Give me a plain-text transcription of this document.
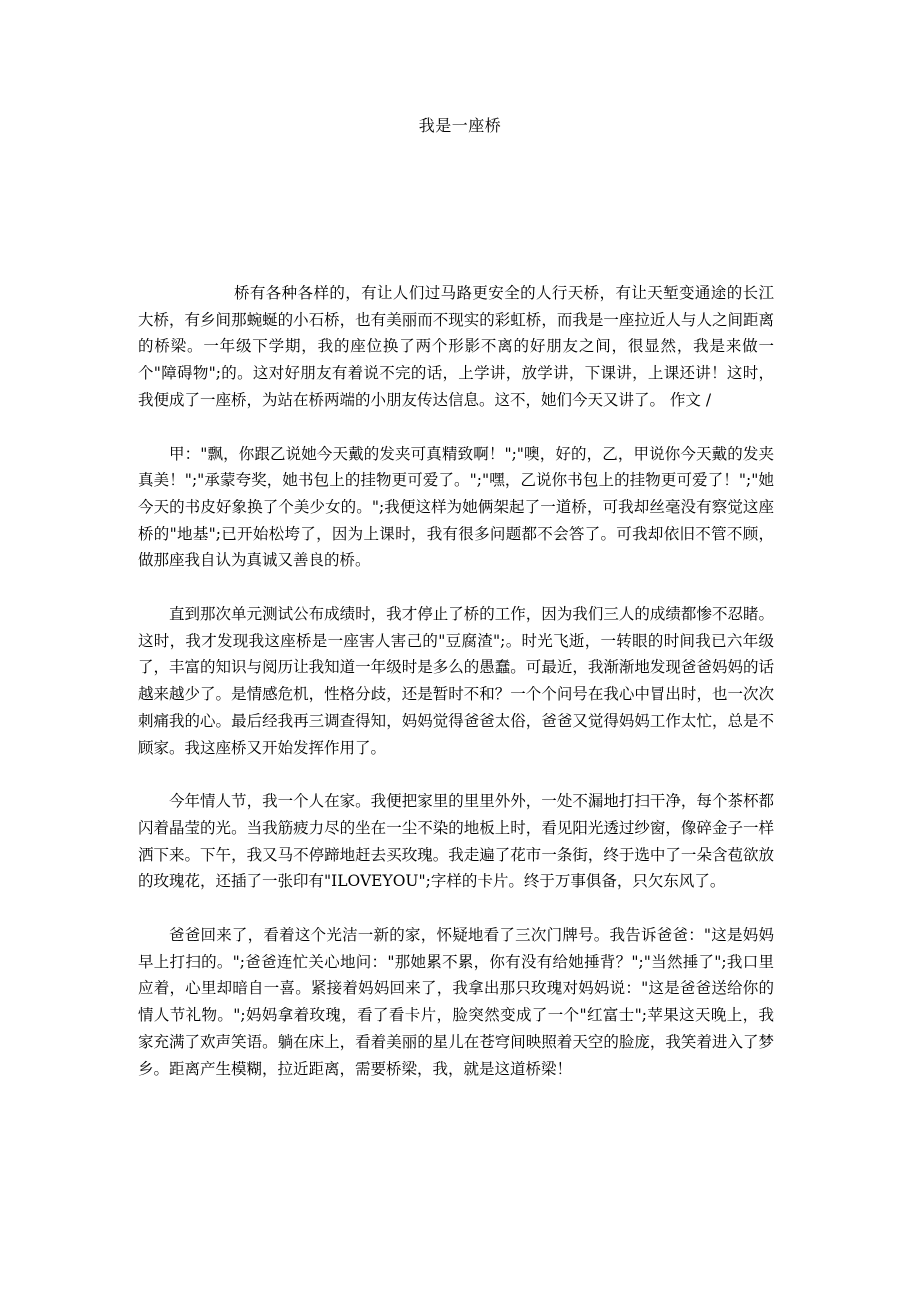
我是一座桥

桥有各种各样的，有让人们过马路更安全的人行天桥，有让天堑变通途的长江大桥，有乡间那蜿蜒的小石桥，也有美丽而不现实的彩虹桥，而我是一座拉近人与人之间距离的桥梁。一年级下学期，我的座位换了两个形影不离的好朋友之间，很显然，我是来做一个"障碍物";的。这对好朋友有着说不完的话，上学讲，放学讲，下课讲，上课还讲！这时，我便成了一座桥，为站在桥两端的小朋友传达信息。这不，她们今天又讲了。 作文 /

甲："飘，你跟乙说她今天戴的发夹可真精致啊！";"噢，好的，乙，甲说你今天戴的发夹真美！";"承蒙夸奖，她书包上的挂物更可爱了。";"嘿，乙说你书包上的挂物更可爱了！";"她今天的书皮好象换了个美少女的。";我便这样为她俩架起了一道桥，可我却丝毫没有察觉这座桥的"地基";已开始松垮了，因为上课时，我有很多问题都不会答了。可我却依旧不管不顾，做那座我自认为真诚又善良的桥。

直到那次单元测试公布成绩时，我才停止了桥的工作，因为我们三人的成绩都惨不忍睹。这时，我才发现我这座桥是一座害人害己的"豆腐渣";。时光飞逝，一转眼的时间我已六年级了，丰富的知识与阅历让我知道一年级时是多么的愚蠢。可最近，我渐渐地发现爸爸妈妈的话越来越少了。是情感危机，性格分歧，还是暂时不和？一个个问号在我心中冒出时，也一次次刺痛我的心。最后经我再三调查得知，妈妈觉得爸爸太俗，爸爸又觉得妈妈工作太忙，总是不顾家。我这座桥又开始发挥作用了。

今年情人节，我一个人在家。我便把家里的里里外外，一处不漏地打扫干净，每个茶杯都闪着晶莹的光。当我筋疲力尽的坐在一尘不染的地板上时，看见阳光透过纱窗，像碎金子一样洒下来。下午，我又马不停蹄地赶去买玫瑰。我走遍了花市一条街，终于选中了一朵含苞欲放的玫瑰花，还插了一张印有"ILOVEYOU";字样的卡片。终于万事俱备，只欠东风了。

爸爸回来了，看着这个光洁一新的家，怀疑地看了三次门牌号。我告诉爸爸："这是妈妈早上打扫的。";爸爸连忙关心地问："那她累不累，你有没有给她捶背？";"当然捶了";我口里应着，心里却暗自一喜。紧接着妈妈回来了，我拿出那只玫瑰对妈妈说："这是爸爸送给你的情人节礼物。";妈妈拿着玫瑰，看了看卡片，脸突然变成了一个"红富士";苹果这天晚上，我家充满了欢声笑语。躺在床上，看着美丽的星儿在苍穹间映照着天空的脸庞，我笑着进入了梦乡。距离产生模糊，拉近距离，需要桥梁，我，就是这道桥梁！
